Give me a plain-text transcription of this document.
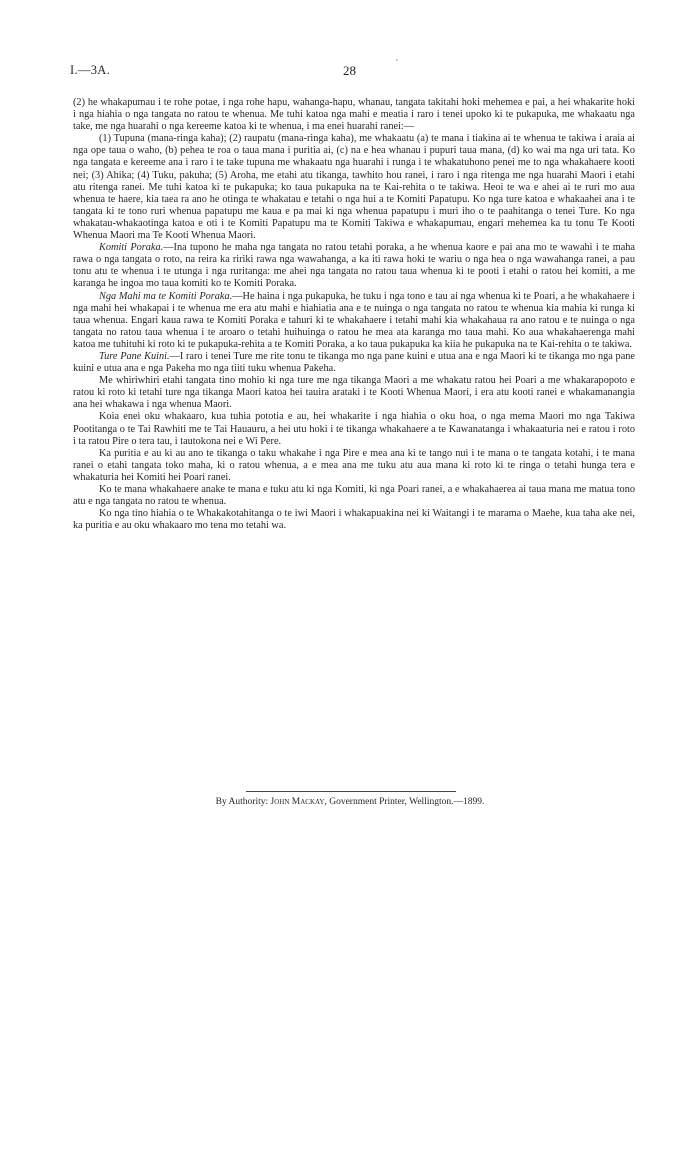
I.—3A.	28	'

(2) he whakapumau i te rohe potae, i nga rohe hapu, wahanga-hapu, whanau, tangata takitahi hoki mehemea e pai, a hei whakarite hoki i nga hiahia o nga tangata no ratou te whenua. Me tuhi katoa nga mahi e meatia i raro i tenei upoko ki te pukapuka, me whakaatu nga take, me nga huarahi o nga kereeme katoa ki te whenua, i ma enei huarahi ranei:—

(1) Tupuna (mana-ringa kaha); (2) raupatu (mana-ringa kaha), me whakaatu (a) te mana i tiakina ai te whenua te takiwa i araia ai nga ope taua o waho, (b) pehea te roa o taua mana i puritia ai, (c) na e hea whanau i pupuri taua mana, (d) ko wai ma nga uri tata. Ko nga tangata e kereeme ana i raro i te take tupuna me whakaatu nga huarahi i runga i te whakatuhono penei me to nga whakahaere kooti nei; (3) Ahika; (4) Tuku, pakuha; (5) Aroha, me etahi atu tikanga, tawhito hou ranei, i raro i nga ritenga me nga huarahi Maori i etahi atu ritenga ranei. Me tuhi katoa ki te pukapuka; ko taua pukapuka na te Kai-rehita o te takiwa. Heoi te wa e ahei ai te ruri mo aua whenua te haere, kia taea ra ano he otinga te whakatau e tetahi o nga hui a te Komiti Papatupu. Ko nga ture katoa e whakaahei ana i te tangata ki te tono ruri whenua papatupu me kaua e pa mai ki nga whenua papatupu i muri iho o te paahitanga o tenei Ture. Ko nga whakatau-whakaotinga katoa e oti i te Komiti Papatupu ma te Komiti Takiwa e whakapumau, engari mehemea ka tu tonu Te Kooti Whenua Maori ma Te Kooti Whenua Maori.

Komiti Poraka.—Ina tupono he maha nga tangata no ratou tetahi poraka, a he whenua kaore e pai ana mo te wawahi i te maha rawa o nga tangata o roto, na reira ka ririki rawa nga wawahanga, a ka iti rawa hoki te wariu o nga hea o nga wawahanga ranei, a pau tonu atu te whenua i te utunga i nga ruritanga: me ahei nga tangata no ratou taua whenua ki te pooti i etahi o ratou hei komiti, a me karanga he ingoa mo taua komiti ko te Komiti Poraka.

Nga Mahi ma te Komiti Poraka.—He haina i nga pukapuka, he tuku i nga tono e tau ai nga whenua ki te Poari, a he whakahaere i nga mahi hei whakapai i te whenua me era atu mahi e hiahiatia ana e te nuinga o nga tangata no ratou te whenua kia mahia ki runga ki taua whenua. Engari kaua rawa te Komiti Poraka e tahuri ki te whakahaere i tetahi mahi kia whakahaua ra ano ratou e te nuinga o nga tangata no ratou taua whenua i te aroaro o tetahi huihuinga o ratou he mea ata karanga mo taua mahi. Ko aua whakahaerenga mahi katoa me tuhituhi ki roto ki te pukapuka-rehita a te Komiti Poraka, a ko taua pukapuka ka kiia he pukapuka na te Kai-rehita o te takiwa.

Ture Pane Kuini.—I raro i tenei Ture me rite tonu te tikanga mo nga pane kuini e utua ana e nga Maori ki te tikanga mo nga pane kuini e utua ana e nga Pakeha mo nga tiiti tuku whenua Pakeha.

Me whiriwhiri etahi tangata tino mohio ki nga ture me nga tikanga Maori a me whakatu ratou hei Poari a me whakarapopoto e ratou ki roto ki tetahi ture nga tikanga Maori katoa hei tauira arataki i te Kooti Whenua Maori, i era atu kooti ranei e whakamanangia ana hei whakawa i nga whenua Maori.

Koia enei oku whakaaro, kua tuhia pototia e au, hei whakarite i nga hiahia o oku hoa, o nga mema Maori mo nga Takiwa Pootitanga o te Tai Rawhiti me te Tai Hauauru, a hei utu hoki i te tikanga whakahaere a te Kawanatanga i whakaaturia nei e ratou i roto i ta ratou Pire o tera tau, i tautokona nei e Wi Pere.

Ka puritia e au ki au ano te tikanga o taku whakahe i nga Pire e mea ana ki te tango nui i te mana o te tangata kotahi, i te mana ranei o etahi tangata toko maha, ki o ratou whenua, a e mea ana me tuku atu aua mana ki roto ki te ringa o tetahi hunga tera e whakaturia hei Komiti hei Poari ranei.

Ko te mana whakahaere anake te mana e tuku atu ki nga Komiti, ki nga Poari ranei, a e whakahaerea ai taua mana me matua tono atu e nga tangata no ratou te whenua.

Ko nga tino hiahia o te Whakakotahitanga o te iwi Maori i whakapuakina nei ki Waitangi i te marama o Maehe, kua taha ake nei, ka puritia e au oku whakaaro mo tena mo tetahi wa.

By Authority: John Mackay, Government Printer, Wellington.—1899.
